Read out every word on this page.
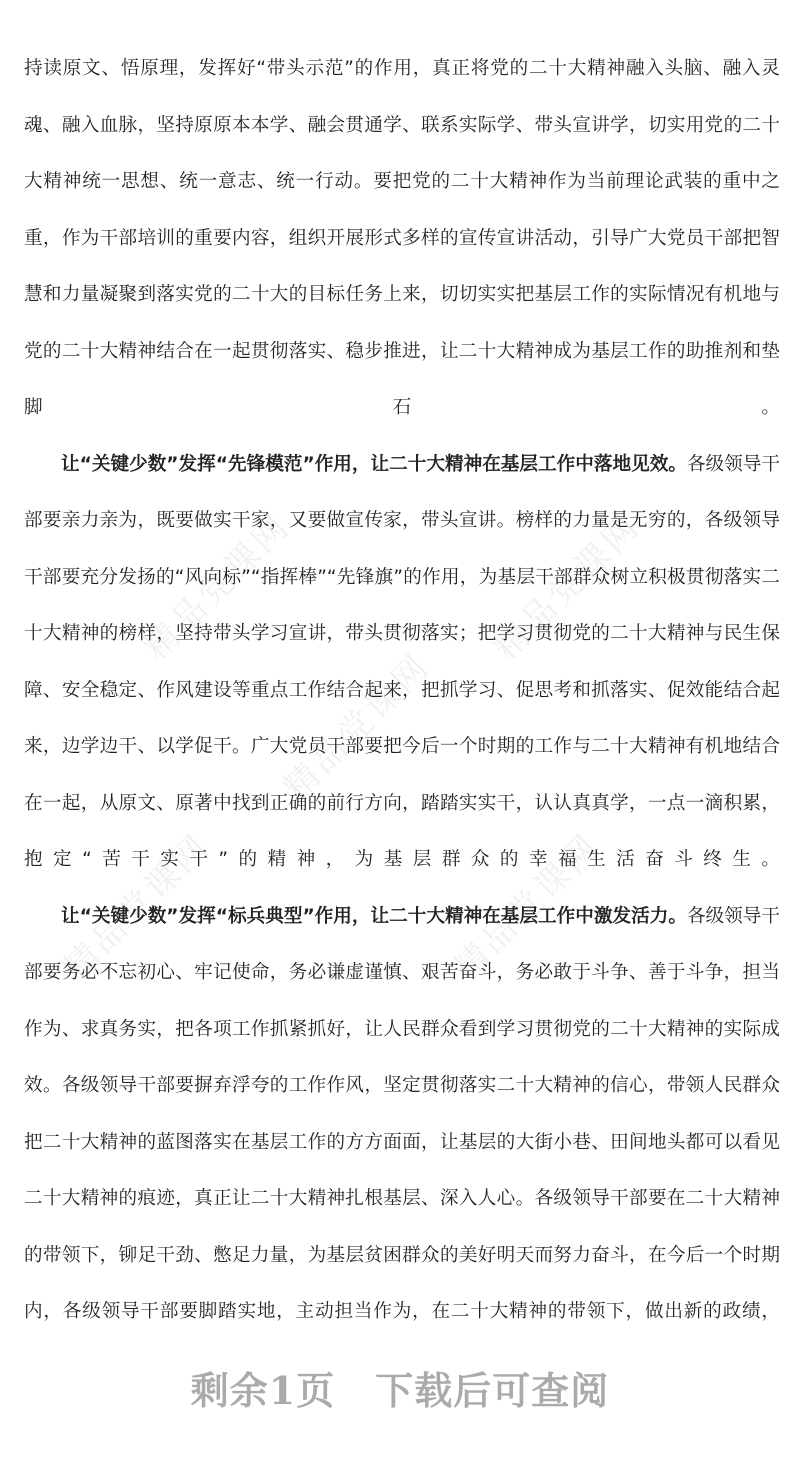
精品党课网	精品党课网
精品党课网
精品党课网	精品党课网

持读原文、悟原理，发挥好“带头示范”的作用，真正将党的二十大精神融入头脑、融入灵魂、融入血脉，坚持原原本本学、融会贯通学、联系实际学、带头宣讲学，切实用党的二十大精神统一思想、统一意志、统一行动。要把党的二十大精神作为当前理论武装的重中之重，作为干部培训的重要内容，组织开展形式多样的宣传宣讲活动，引导广大党员干部把智慧和力量凝聚到落实党的二十大的目标任务上来，切切实实把基层工作的实际情况有机地与党的二十大精神结合在一起贯彻落实、稳步推进，让二十大精神成为基层工作的助推剂和垫脚石。

让“关键少数”发挥“先锋模范”作用，让二十大精神在基层工作中落地见效。各级领导干部要亲力亲为，既要做实干家，又要做宣传家，带头宣讲。榜样的力量是无穷的，各级领导干部要充分发扬的“风向标”“指挥棒”“先锋旗”的作用，为基层干部群众树立积极贯彻落实二十大精神的榜样，坚持带头学习宣讲，带头贯彻落实；把学习贯彻党的二十大精神与民生保障、安全稳定、作风建设等重点工作结合起来，把抓学习、促思考和抓落实、促效能结合起来，边学边干、以学促干。广大党员干部要把今后一个时期的工作与二十大精神有机地结合在一起，从原文、原著中找到正确的前行方向，踏踏实实干，认认真真学，一点一滴积累，抱定“苦干实干”的精神，为基层群众的幸福生活奋斗终生。

让“关键少数”发挥“标兵典型”作用，让二十大精神在基层工作中激发活力。各级领导干部要务必不忘初心、牢记使命，务必谦虚谨慎、艰苦奋斗，务必敢于斗争、善于斗争，担当作为、求真务实，把各项工作抓紧抓好，让人民群众看到学习贯彻党的二十大精神的实际成效。各级领导干部要摒弃浮夸的工作作风，坚定贯彻落实二十大精神的信心，带领人民群众把二十大精神的蓝图落实在基层工作的方方面面，让基层的大街小巷、田间地头都可以看见二十大精神的痕迹，真正让二十大精神扎根基层、深入人心。各级领导干部要在二十大精神的带领下，铆足干劲、憋足力量，为基层贫困群众的美好明天而努力奋斗，在今后一个时期内，各级领导干部要脚踏实地，主动担当作为，在二十大精神的带领下，做出新的政绩，

剩余1页 下载后可查阅
